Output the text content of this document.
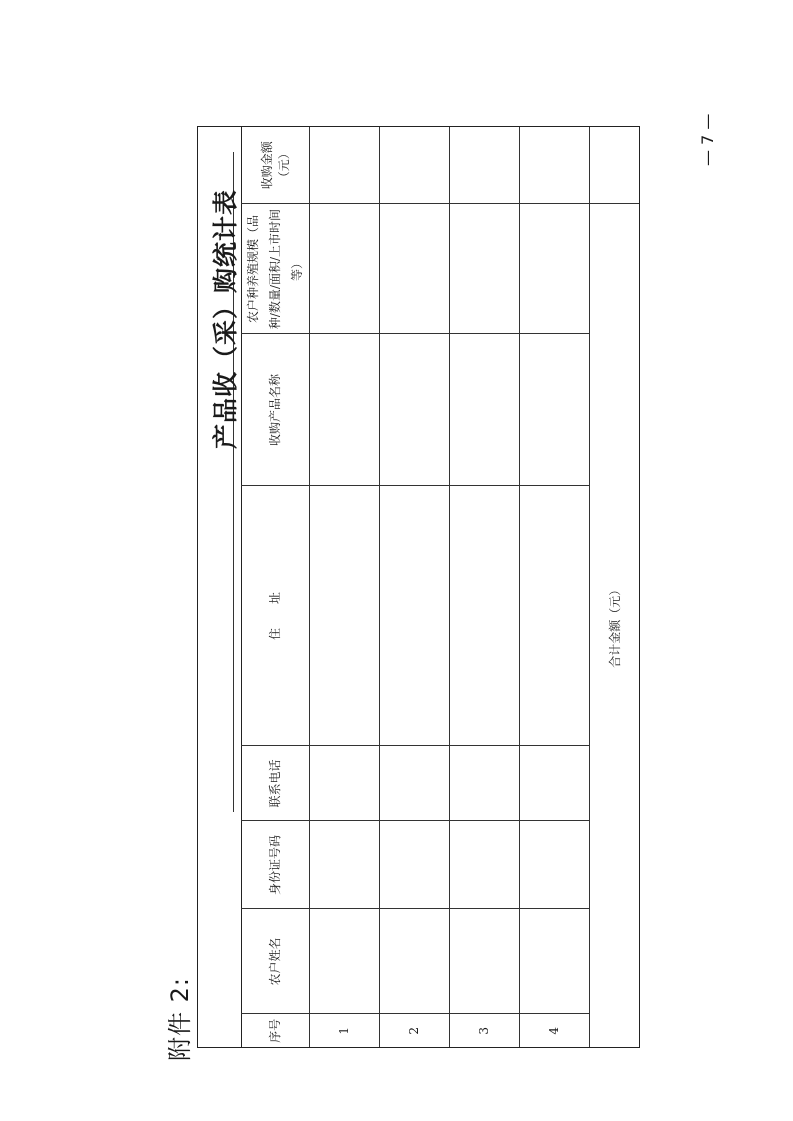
附件 2:
— 7 —
产品收（采）购统计表
序号	农户姓名	身份证号码	联系电话	住　　址	收购产品名称	农户种养殖规模（品种/数量/面积/上市时间等）	收购金额（元）
1							
2							
3							
4							
合计金额（元）							
